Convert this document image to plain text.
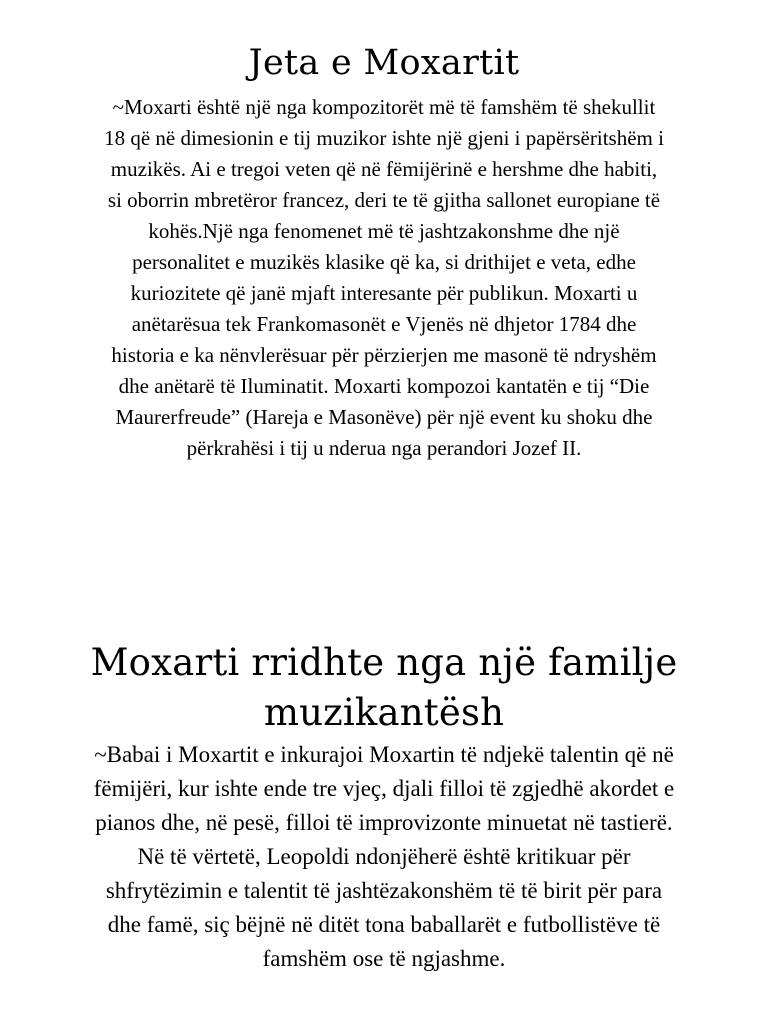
Jeta e Moxartit
~Moxarti është një nga kompozitorët më të famshëm të shekullit
18 që në dimesionin e tij muzikor ishte një gjeni i papërsëritshëm i
muzikës. Ai e tregoi veten që në fëmijërinë e hershme dhe habiti,
si oborrin mbretëror francez, deri te të gjitha sallonet europiane të
kohës.Një nga fenomenet më të jashtzakonshme dhe një
personalitet e muzikës klasike që ka, si drithijet e veta, edhe
kuriozitete që janë mjaft interesante për publikun. Moxarti u
anëtarësua tek Frankomasonët e Vjenës në dhjetor 1784 dhe
historia e ka nënvlerësuar për përzierjen me masonë të ndryshëm
dhe anëtarë të Iluminatit. Moxarti kompozoi kantatën e tij “Die
Maurerfreude” (Hareja e Masonëve) për një event ku shoku dhe
përkrahësi i tij u nderua nga perandori Jozef II.
Moxarti rridhte nga një familje
muzikantësh
~Babai i Moxartit e inkurajoi Moxartin të ndjekë talentin që në
fëmijëri, kur ishte ende tre vjeç, djali filloi të zgjedhë akordet e
pianos dhe, në pesë, filloi të improvizonte minuetat në tastierë.
Në të vërtetë, Leopoldi ndonjëherë është kritikuar për
shfrytëzimin e talentit të jashtëzakonshëm të të birit për para
dhe famë, siç bëjnë në ditët tona baballarët e futbollistëve të
famshëm ose të ngjashme.
